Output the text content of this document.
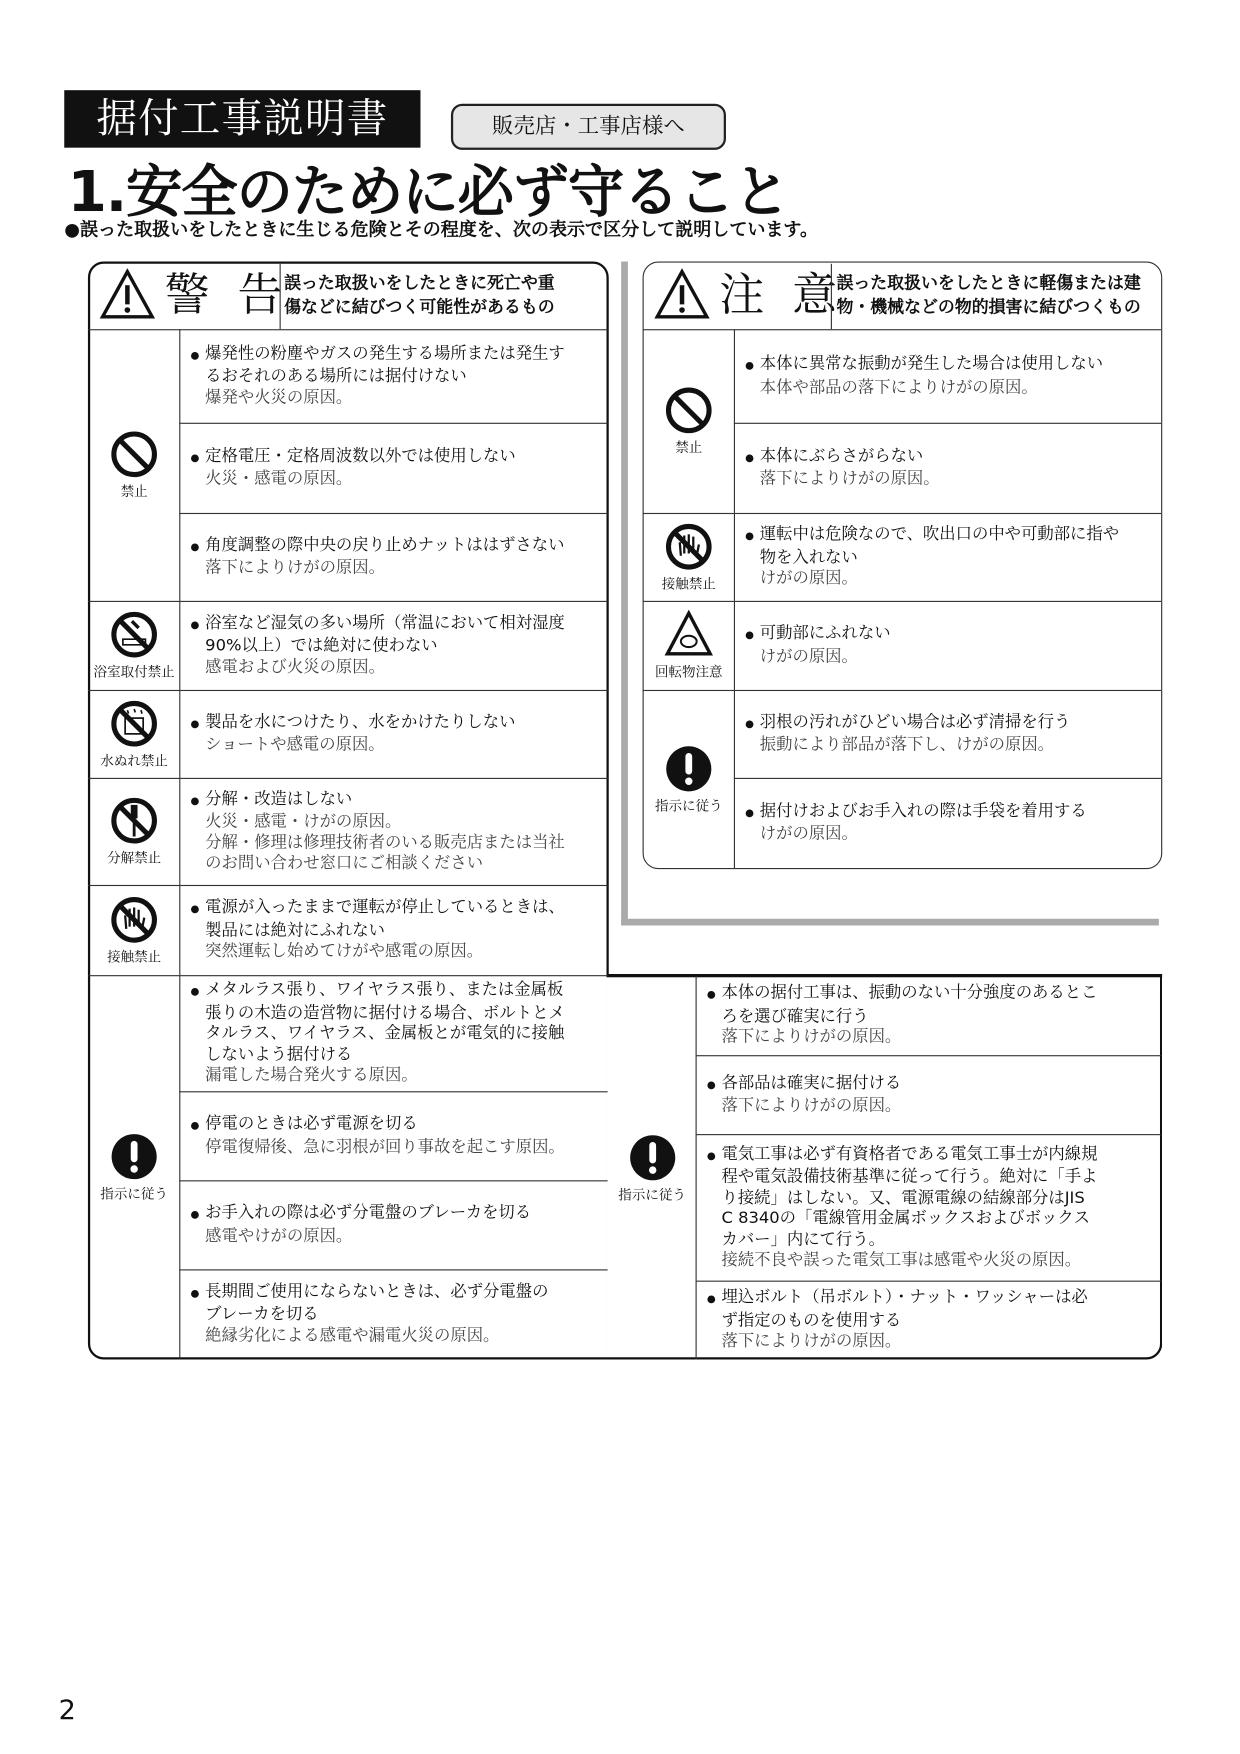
据付工事説明書	販売店・工事店様へ
1.安全のために必ず守ること
●誤った取扱いをしたときに生じる危険とその程度を、次の表示で区分して説明しています。
警 告
誤った取扱いをしたときに死亡や重
傷などに結びつく可能性があるもの	注 意
誤った取扱いをしたときに軽傷または建
物・機械などの物的損害に結びつくもの
禁止
● 爆発性の粉塵やガスの発生する場所または発生す
るおそれのある場所には据付けない
爆発や火災の原因。
● 定格電圧・定格周波数以外では使用しない
火災・感電の原因。
● 角度調整の際中央の戻り止めナットははずさない
落下によりけがの原因。
浴室取付禁止
● 浴室など湿気の多い場所（常温において相対湿度
90%以上）では絶対に使わない
感電および火災の原因。
水ぬれ禁止
● 製品を水につけたり、水をかけたりしない
ショートや感電の原因。
分解禁止
● 分解・改造はしない
火災・感電・けがの原因。
分解・修理は修理技術者のいる販売店または当社
のお問い合わせ窓口にご相談ください
接触禁止
● 電源が入ったままで運転が停止しているときは、
製品には絶対にふれない
突然運転し始めてけがや感電の原因。
指示に従う
● メタルラス張り、ワイヤラス張り、または金属板
張りの木造の造営物に据付ける場合、ボルトとメ
タルラス、ワイヤラス、金属板とが電気的に接触
しないよう据付ける
漏電した場合発火する原因。
● 停電のときは必ず電源を切る
停電復帰後、急に羽根が回り事故を起こす原因。
● お手入れの際は必ず分電盤のブレーカを切る
感電やけがの原因。
● 長期間ご使用にならないときは、必ず分電盤の
ブレーカを切る
絶縁劣化による感電や漏電火災の原因。
禁止
● 本体に異常な振動が発生した場合は使用しない
本体や部品の落下によりけがの原因。
● 本体にぶらさがらない
落下によりけがの原因。
接触禁止
● 運転中は危険なので、吹出口の中や可動部に指や
物を入れない
けがの原因。
回転物注意
● 可動部にふれない
けがの原因。
指示に従う
● 羽根の汚れがひどい場合は必ず清掃を行う
振動により部品が落下し、けがの原因。
● 据付けおよびお手入れの際は手袋を着用する
けがの原因。
指示に従う
● 本体の据付工事は、振動のない十分強度のあるとこ
ろを選び確実に行う
落下によりけがの原因。
● 各部品は確実に据付ける
落下によりけがの原因。
● 電気工事は必ず有資格者である電気工事士が内線規
程や電気設備技術基準に従って行う。絶対に「手よ
り接続」はしない。又、電源電線の結線部分はJIS
C 8340の「電線管用金属ボックスおよびボックス
カバー」内にて行う。
接続不良や誤った電気工事は感電や火災の原因。
● 埋込ボルト（吊ボルト）・ナット・ワッシャーは必
ず指定のものを使用する
落下によりけがの原因。
2
